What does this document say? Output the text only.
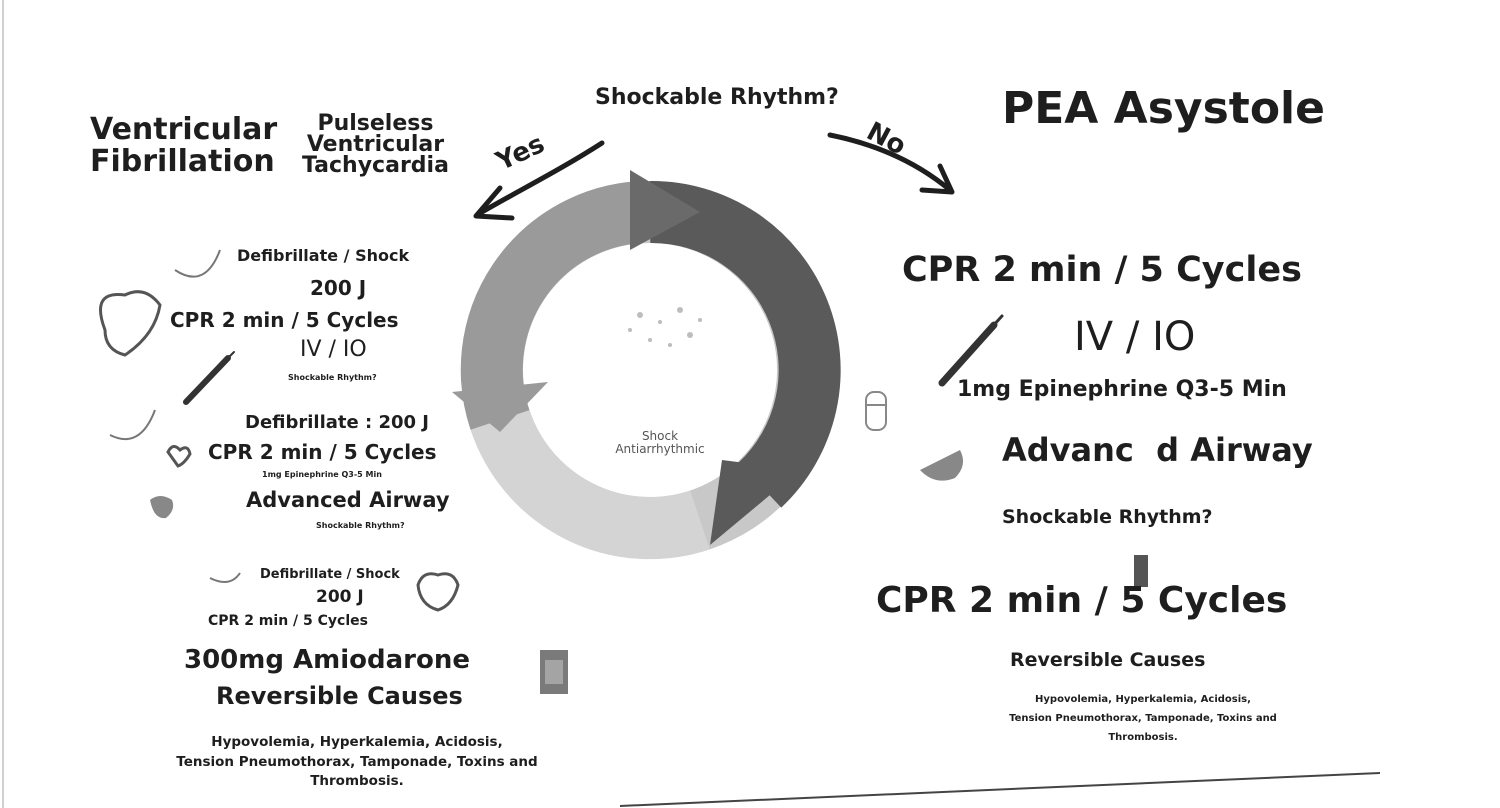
Shockable Rhythm?
Yes	No
Ventricular
Fibrillation
Pulseless
Ventricular
Tachycardia
Defibrillate / Shock
200 J
CPR 2 min / 5 Cycles
IV / IO
Shockable Rhythm?
Defibrillate : 200 J
CPR 2 min / 5 Cycles
1mg Epinephrine Q3-5 Min
Advanced Airway
Shockable Rhythm?
Defibrillate / Shock
200 J
CPR 2 min / 5 Cycles
300mg Amiodarone
Reversible Causes
Hypovolemia, Hyperkalemia, Acidosis,
Tension Pneumothorax, Tamponade, Toxins and
Thrombosis.
Shock
Antiarrhythmic
PEA Asystole
CPR 2 min / 5 Cycles
IV / IO
1mg Epinephrine Q3-5 Min
Advanc  d Airway
Shockable Rhythm?
CPR 2 min / 5 Cycles
Reversible Causes
Hypovolemia, Hyperkalemia, Acidosis,
Tension Pneumothorax, Tamponade, Toxins and
Thrombosis.
